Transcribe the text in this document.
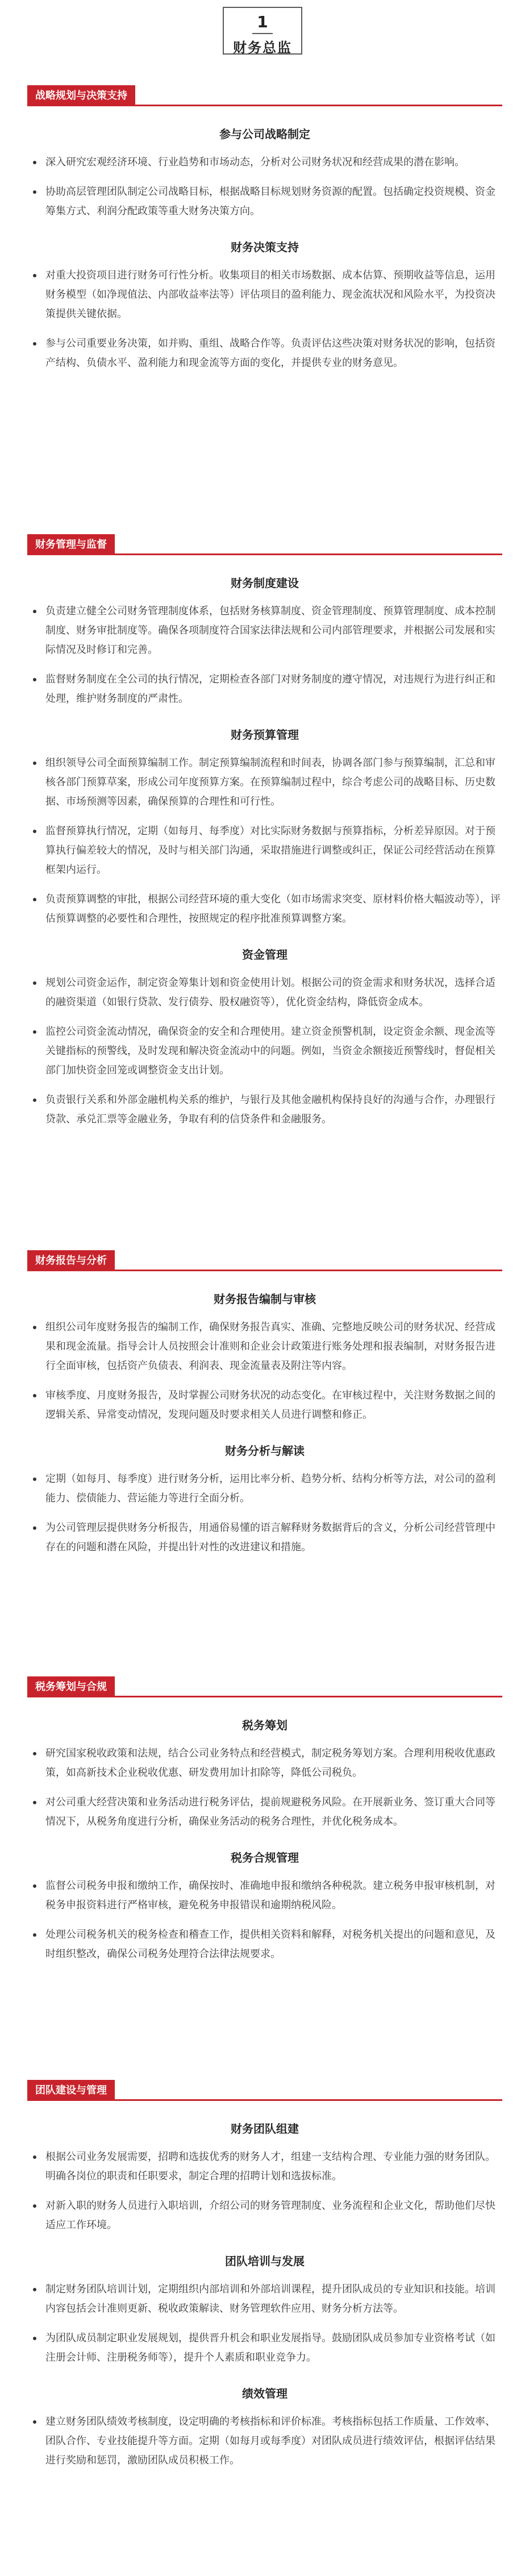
1
财务总监
战略规划与决策支持
参与公司战略制定
深入研究宏观经济环境、行业趋势和市场动态，分析对公司财务状况和经营成果的潜在影响。
协助高层管理团队制定公司战略目标，根据战略目标规划财务资源的配置。包括确定投资规模、资金筹集方式、利润分配政策等重大财务决策方向。
财务决策支持
对重大投资项目进行财务可行性分析。收集项目的相关市场数据、成本估算、预期收益等信息，运用财务模型（如净现值法、内部收益率法等）评估项目的盈利能力、现金流状况和风险水平，为投资决策提供关键依据。
参与公司重要业务决策，如并购、重组、战略合作等。负责评估这些决策对财务状况的影响，包括资产结构、负债水平、盈利能力和现金流等方面的变化，并提供专业的财务意见。
财务管理与监督
财务制度建设
负责建立健全公司财务管理制度体系，包括财务核算制度、资金管理制度、预算管理制度、成本控制制度、财务审批制度等。确保各项制度符合国家法律法规和公司内部管理要求，并根据公司发展和实际情况及时修订和完善。
监督财务制度在全公司的执行情况，定期检查各部门对财务制度的遵守情况，对违规行为进行纠正和处理，维护财务制度的严肃性。
财务预算管理
组织领导公司全面预算编制工作。制定预算编制流程和时间表，协调各部门参与预算编制，汇总和审核各部门预算草案，形成公司年度预算方案。在预算编制过程中，综合考虑公司的战略目标、历史数据、市场预测等因素，确保预算的合理性和可行性。
监督预算执行情况，定期（如每月、每季度）对比实际财务数据与预算指标，分析差异原因。对于预算执行偏差较大的情况，及时与相关部门沟通，采取措施进行调整或纠正，保证公司经营活动在预算框架内运行。
负责预算调整的审批，根据公司经营环境的重大变化（如市场需求突变、原材料价格大幅波动等），评估预算调整的必要性和合理性，按照规定的程序批准预算调整方案。
资金管理
规划公司资金运作，制定资金筹集计划和资金使用计划。根据公司的资金需求和财务状况，选择合适的融资渠道（如银行贷款、发行债券、股权融资等），优化资金结构，降低资金成本。
监控公司资金流动情况，确保资金的安全和合理使用。建立资金预警机制，设定资金余额、现金流等关键指标的预警线，及时发现和解决资金流动中的问题。例如，当资金余额接近预警线时，督促相关部门加快资金回笼或调整资金支出计划。
负责银行关系和外部金融机构关系的维护，与银行及其他金融机构保持良好的沟通与合作，办理银行贷款、承兑汇票等金融业务，争取有利的信贷条件和金融服务。
财务报告与分析
财务报告编制与审核
组织公司年度财务报告的编制工作，确保财务报告真实、准确、完整地反映公司的财务状况、经营成果和现金流量。指导会计人员按照会计准则和企业会计政策进行账务处理和报表编制，对财务报告进行全面审核，包括资产负债表、利润表、现金流量表及附注等内容。
审核季度、月度财务报告，及时掌握公司财务状况的动态变化。在审核过程中，关注财务数据之间的逻辑关系、异常变动情况，发现问题及时要求相关人员进行调整和修正。
财务分析与解读
定期（如每月、每季度）进行财务分析，运用比率分析、趋势分析、结构分析等方法，对公司的盈利能力、偿债能力、营运能力等进行全面分析。
为公司管理层提供财务分析报告，用通俗易懂的语言解释财务数据背后的含义，分析公司经营管理中存在的问题和潜在风险，并提出针对性的改进建议和措施。
税务筹划与合规
税务筹划
研究国家税收政策和法规，结合公司业务特点和经营模式，制定税务筹划方案。合理利用税收优惠政策，如高新技术企业税收优惠、研发费用加计扣除等，降低公司税负。
对公司重大经营决策和业务活动进行税务评估，提前规避税务风险。在开展新业务、签订重大合同等情况下，从税务角度进行分析，确保业务活动的税务合理性，并优化税务成本。
税务合规管理
监督公司税务申报和缴纳工作，确保按时、准确地申报和缴纳各种税款。建立税务申报审核机制，对税务申报资料进行严格审核，避免税务申报错误和逾期纳税风险。
处理公司税务机关的税务检查和稽查工作，提供相关资料和解释，对税务机关提出的问题和意见，及时组织整改，确保公司税务处理符合法律法规要求。
团队建设与管理
财务团队组建
根据公司业务发展需要，招聘和选拔优秀的财务人才，组建一支结构合理、专业能力强的财务团队。明确各岗位的职责和任职要求，制定合理的招聘计划和选拔标准。
对新入职的财务人员进行入职培训，介绍公司的财务管理制度、业务流程和企业文化，帮助他们尽快适应工作环境。
团队培训与发展
制定财务团队培训计划，定期组织内部培训和外部培训课程，提升团队成员的专业知识和技能。培训内容包括会计准则更新、税收政策解读、财务管理软件应用、财务分析方法等。
为团队成员制定职业发展规划，提供晋升机会和职业发展指导。鼓励团队成员参加专业资格考试（如注册会计师、注册税务师等），提升个人素质和职业竞争力。
绩效管理
建立财务团队绩效考核制度，设定明确的考核指标和评价标准。考核指标包括工作质量、工作效率、团队合作、专业技能提升等方面。定期（如每月或每季度）对团队成员进行绩效评估，根据评估结果进行奖励和惩罚，激励团队成员积极工作。
